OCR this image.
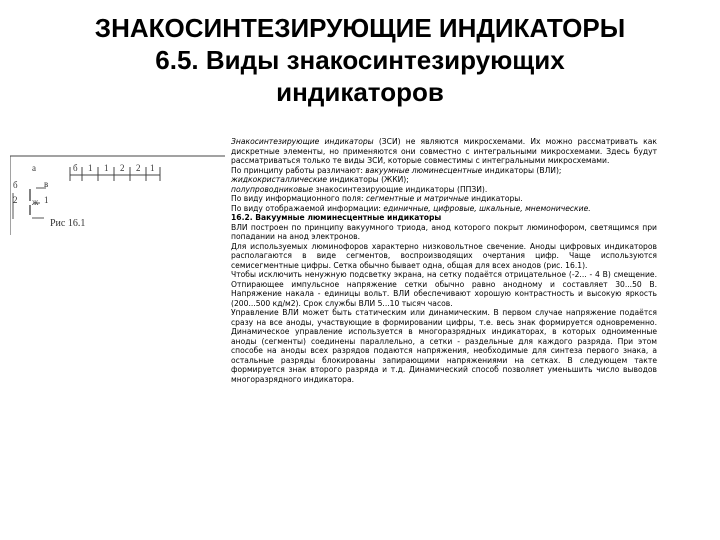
ЗНАКОСИНТЕЗИРУЮЩИЕ ИНДИКАТОРЫ
6.5. Виды знакосинтезирующих
индикаторов
а
б	в
2 ж 1
б 1 1 2 2 1
Рис 16.1

Знакосинтезирующие индикаторы (ЗСИ) не являются микросхемами. Их можно рассматривать как дискретные элементы, но применяются они совместно с интегральными микросхемами. Здесь будут рассматриваться только те виды ЗСИ, которые совместимы с интегральными микросхемами.

По принципу работы различают: вакуумные люминесцентные индикаторы (ВЛИ);

жидкокристаллические индикаторы (ЖКИ);

полупроводниковые знакосинтезирующие индикаторы (ППЗИ).

По виду информационного поля: сегментные и матричные индикаторы.

По виду отображаемой информации: единичные, цифровые, шкальные, мнемонические.

16.2. Вакуумные люминесцентные индикаторы

ВЛИ построен по принципу вакуумного триода, анод которого покрыт люминофором, светящимся при попадании на анод электронов.

Для используемых люминофоров характерно низковольтное свечение. Аноды цифровых индикаторов располагаются в виде сегментов, воспроизводящих очертания цифр. Чаще используются семисегментные цифры. Сетка обычно бывает одна, общая для всех анодов (рис. 16.1).

Чтобы исключить ненужную подсветку экрана, на сетку подаётся отрицательное (-2... - 4 В) смещение. Отпирающее импульсное напряжение сетки обычно равно анодному и составляет 30...50 В. Напряжение накала - единицы вольт. ВЛИ обеспечивают хорошую контрастность и высокую яркость (200...500 кд/м2). Срок службы ВЛИ 5...10 тысяч часов.

Управление ВЛИ может быть статическим или динамическим. В первом случае напряжение подаётся сразу на все аноды, участвующие в формировании цифры, т.е. весь знак формируется одновременно. Динамическое управление используется в многоразрядных индикаторах, в которых одноименные аноды (сегменты) соединены параллельно, а сетки - раздельные для каждого разряда. При этом способе на аноды всех разрядов подаются напряжения, необходимые для синтеза первого знака, а остальные разряды блокированы запирающими напряжениями на сетках. В следующем такте формируется знак второго разряда и т.д. Динамический способ позволяет уменьшить число выводов многоразрядного индикатора.
